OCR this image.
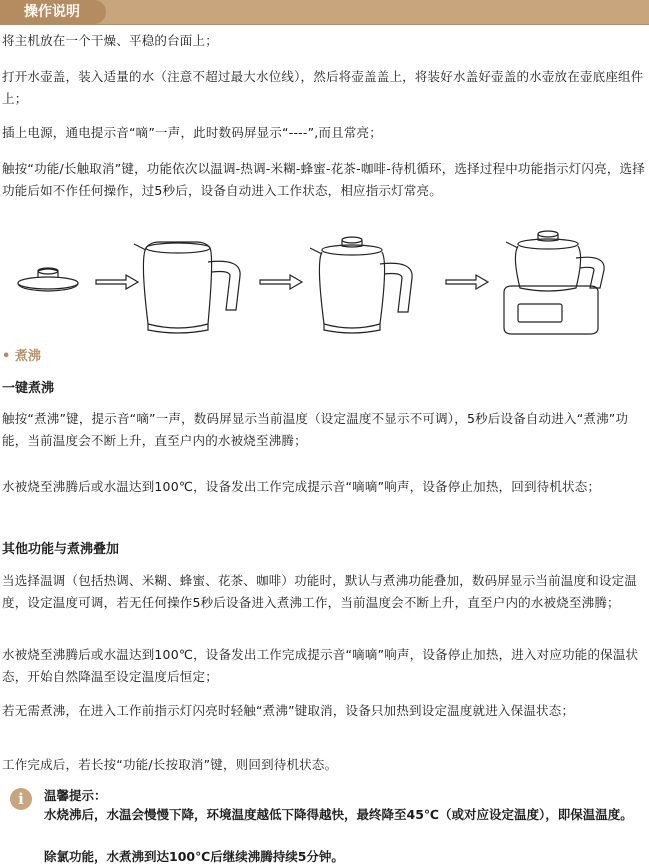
操作说明

将主机放在一个干燥、平稳的台面上；

打开水壶盖，装入适量的水（注意不超过最大水位线），然后将壶盖盖上，将装好水盖好壶盖的水壶放在壶底座组件上；

插上电源，通电提示音“嘀”一声，此时数码屏显示“----”,而且常亮；

触按“功能/长触取消”键，功能依次以温调-热调-米糊-蜂蜜-花茶-咖啡-待机循环，选择过程中功能指示灯闪亮，选择功能后如不作任何操作，过5秒后，设备自动进入工作状态，相应指示灯常亮。

• 煮沸

一键煮沸

触按“煮沸”键，提示音“嘀”一声，数码屏显示当前温度（设定温度不显示不可调），5秒后设备自动进入“煮沸”功能，当前温度会不断上升，直至户内的水被烧至沸腾；

水被烧至沸腾后或水温达到100℃，设备发出工作完成提示音“嘀嘀”响声，设备停止加热，回到待机状态；

其他功能与煮沸叠加

当选择温调（包括热调、米糊、蜂蜜、花茶、咖啡）功能时，默认与煮沸功能叠加，数码屏显示当前温度和设定温度，设定温度可调，若无任何操作5秒后设备进入煮沸工作，当前温度会不断上升，直至户内的水被烧至沸腾；

水被烧至沸腾后或水温达到100℃，设备发出工作完成提示音“嘀嘀”响声，设备停止加热，进入对应功能的保温状态，开始自然降温至设定温度后恒定；

若无需煮沸，在进入工作前指示灯闪亮时轻触“煮沸”键取消，设备只加热到设定温度就进入保温状态；

工作完成后，若长按“功能/长按取消”键，则回到待机状态。

i	温馨提示：

水烧沸后，水温会慢慢下降，环境温度越低下降得越快，最终降至45℃（或对应设定温度），即保温温度。

除氯功能，水煮沸到达100℃后继续沸腾持续5分钟。
